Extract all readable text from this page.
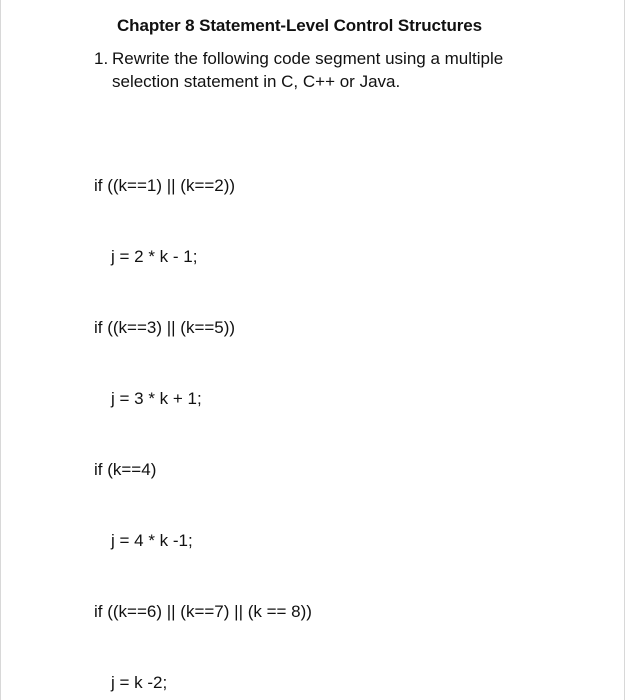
Chapter 8 Statement-Level Control Structures
1. Rewrite the following code segment using a multiple
selection statement in C, C++ or Java.

if ((k==1) || (k==2))

j = 2 * k - 1;

if ((k==3) || (k==5))

j = 3 * k + 1;

if (k==4)

j = 4 * k -1;

if ((k==6) || (k==7) || (k == 8))

j = k -2;
